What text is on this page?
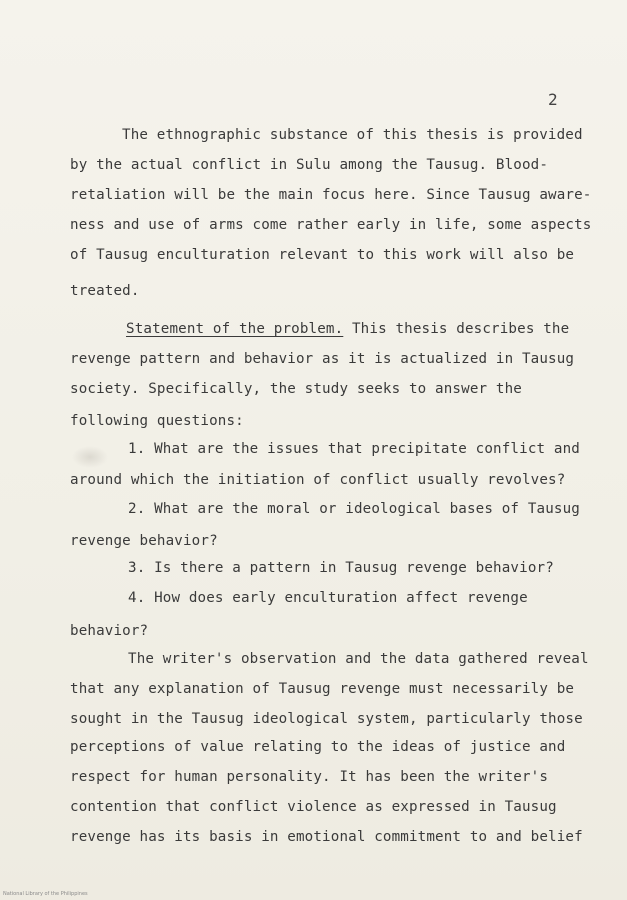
2
The ethnographic substance of this thesis is provided
by the actual conflict in Sulu among the Tausug. Blood-
retaliation will be the main focus here. Since Tausug aware-
ness and use of arms come rather early in life, some aspects
of Tausug enculturation relevant to this work will also be
treated.
Statement of the problem. This thesis describes the
revenge pattern and behavior as it is actualized in Tausug
society. Specifically, the study seeks to answer the
following questions:
1. What are the issues that precipitate conflict and
around which the initiation of conflict usually revolves?
2. What are the moral or ideological bases of Tausug
revenge behavior?
3. Is there a pattern in Tausug revenge behavior?
4. How does early enculturation affect revenge
behavior?
The writer's observation and the data gathered reveal
that any explanation of Tausug revenge must necessarily be
sought in the Tausug ideological system, particularly those
perceptions of value relating to the ideas of justice and
respect for human personality. It has been the writer's
contention that conflict violence as expressed in Tausug
revenge has its basis in emotional commitment to and belief
National Library of the Philippines
